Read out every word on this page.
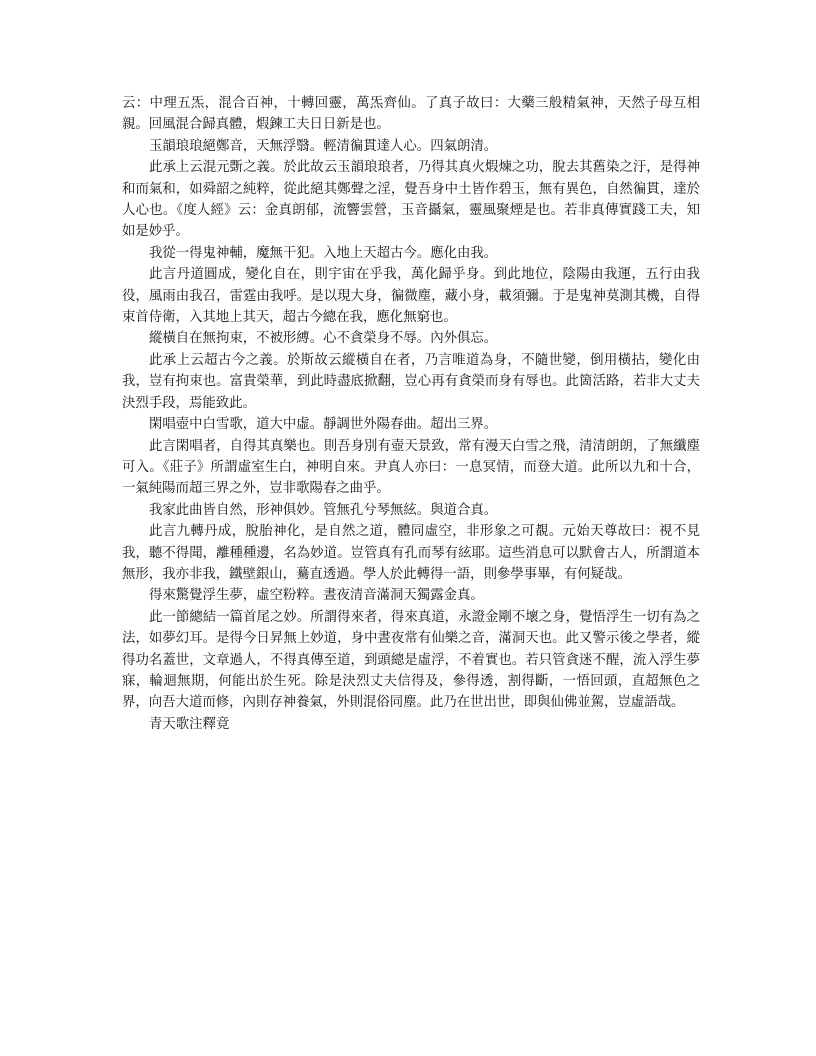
云：中理五炁，混合百神，十轉回靈，萬炁齊仙。了真子故曰：大藥三般精氣神，天然子母互相親。回風混合歸真體，煆鍊工夫日日新是也。

玉韻琅琅絕鄭音，天無浮翳。輕清徧貫達人心。四氣朗清。

此承上云混元斲之義。於此故云玉韻琅琅者，乃得其真火煆煉之功，脫去其舊染之汙，是得神和而氣和，如舜韶之純粹，從此絕其鄭聲之淫，覺吾身中土皆作碧玉，無有異色，自然徧貫，達於人心也。《度人經》云：金真朗郁，流響雲營，玉音攝氣，靈風聚煙是也。若非真傳實踐工夫，知如是妙乎。

我從一得鬼神輔，魔無干犯。入地上天超古今。應化由我。

此言丹道圓成，變化自在，則宇宙在乎我，萬化歸乎身。到此地位，陰陽由我運，五行由我役，風雨由我召，雷霆由我呼。是以現大身，徧微塵，藏小身，載須彌。于是鬼神莫測其機，自得束首侍衛，入其地上其天，超古今總在我，應化無窮也。

縱橫自在無拘束，不被形縛。心不貪榮身不辱。內外俱忘。

此承上云超古今之義。於斯故云縱橫自在者，乃言唯道為身，不隨世變，倒用橫拈，變化由我，豈有拘束也。富貴榮華，到此時盡底掀翻，豈心再有貪榮而身有辱也。此箇活路，若非大丈夫決烈手段，焉能致此。

閑唱壺中白雪歌，道大中虛。靜調世外陽春曲。超出三界。

此言閑唱者，自得其真樂也。則吾身別有壺天景致，常有漫天白雪之飛，清清朗朗，了無纖塵可入。《莊子》所謂虛室生白，神明自來。尹真人亦曰：一息冥情，而登大道。此所以九和十合，一氣純陽而超三界之外，豈非歌陽春之曲乎。

我家此曲皆自然，形神俱妙。管無孔兮琴無絃。與道合真。

此言九轉丹成，脫胎神化，是自然之道，體同虛空，非形象之可覩。元始天尊故曰：視不見我，聽不得聞，離種種邊，名為妙道。豈管真有孔而琴有絃耶。這些消息可以默會古人，所謂道本無形，我亦非我，鐵壁銀山，驀直透過。學人於此轉得一語，則參學事畢，有何疑哉。

得來驚覺浮生夢，虛空粉粹。晝夜清音滿洞天獨露金真。

此一節總結一篇首尾之妙。所謂得來者，得來真道，永證金剛不壞之身，覺悟浮生一切有為之法，如夢幻耳。是得今日昇無上妙道，身中晝夜常有仙樂之音，滿洞天也。此又警示後之學者，縱得功名蓋世，文章過人，不得真傳至道，到頭總是虛浮，不着實也。若只管貪迷不醒，流入浮生夢寐，輪迴無期，何能出於生死。除是決烈丈夫信得及，參得透，割得斷，一悟回頭，直超無色之界，向吾大道而修，內則存神養氣，外則混俗同塵。此乃在世出世，即與仙佛並駕，豈虛語哉。

青天歌注釋竟
